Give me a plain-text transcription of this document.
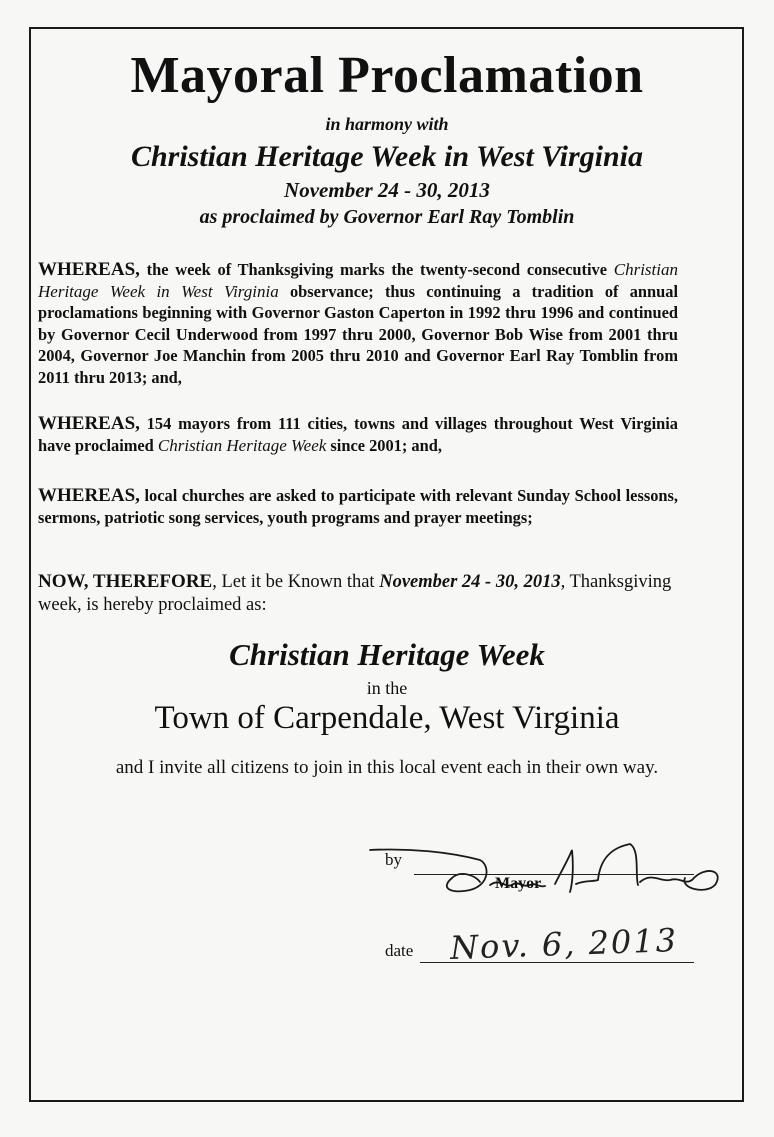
Mayoral Proclamation
in harmony with
Christian Heritage Week in West Virginia
November 24 - 30, 2013
as proclaimed by Governor Earl Ray Tomblin
WHEREAS, the week of Thanksgiving marks the twenty-second consecutive Christian Heritage Week in West Virginia observance; thus continuing a tradition of annual proclamations beginning with Governor Gaston Caperton in 1992 thru 1996 and continued by Governor Cecil Underwood from 1997 thru 2000, Governor Bob Wise from 2001 thru 2004, Governor Joe Manchin from 2005 thru 2010 and Governor Earl Ray Tomblin from 2011 thru 2013; and,
WHEREAS, 154 mayors from 111 cities, towns and villages throughout West Virginia have proclaimed Christian Heritage Week since 2001; and,
WHEREAS, local churches are asked to participate with relevant Sunday School lessons, sermons, patriotic song services, youth programs and prayer meetings;
NOW, THEREFORE, Let it be Known that November 24 - 30, 2013, Thanksgiving week, is hereby proclaimed as:
Christian Heritage Week
in the
Town of Carpendale, West Virginia
and I invite all citizens to join in this local event each in their own way.
by
Mayor
date Nov. 6, 2013
